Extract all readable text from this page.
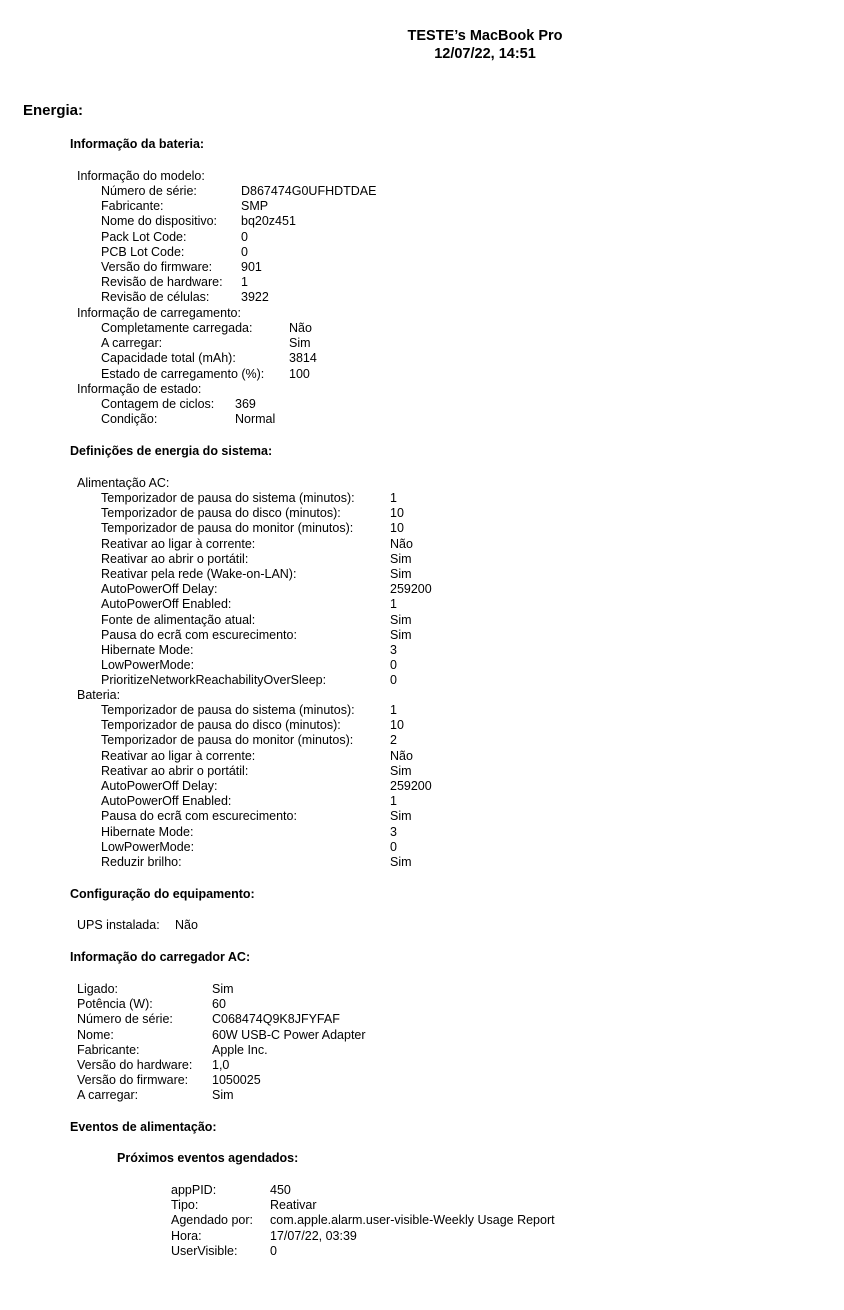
TESTE’s MacBook Pro
12/07/22, 14:51
Energia:
Informação da bateria:
Informação do modelo:
Número de série:	D867474G0UFHDTDAE
Fabricante:	SMP
Nome do dispositivo: bq20z451
Pack Lot Code:	0
PCB Lot Code:	0
Versão do firmware: 901
Revisão de hardware: 1
Revisão de células:	3922
Informação de carregamento:
Completamente carregada:	Não
A carregar:	Sim
Capacidade total (mAh):	3814
Estado de carregamento (%): 100
Informação de estado:
Contagem de ciclos: 369
Condição:	Normal
Definições de energia do sistema:
Alimentação AC:
Temporizador de pausa do sistema (minutos):	1
Temporizador de pausa do disco (minutos):	10
Temporizador de pausa do monitor (minutos):	10
Reativar ao ligar à corrente:	Não
Reativar ao abrir o portátil:	Sim
Reativar pela rede (Wake-on-LAN):	Sim
AutoPowerOff Delay:	259200
AutoPowerOff Enabled:	1
Fonte de alimentação atual:	Sim
Pausa do ecrã com escurecimento:	Sim
Hibernate Mode:	3
LowPowerMode:	0
PrioritizeNetworkReachabilityOverSleep:	0
Bateria:
Temporizador de pausa do sistema (minutos):	1
Temporizador de pausa do disco (minutos):	10
Temporizador de pausa do monitor (minutos):	2
Reativar ao ligar à corrente:	Não
Reativar ao abrir o portátil:	Sim
AutoPowerOff Delay:	259200
AutoPowerOff Enabled:	1
Pausa do ecrã com escurecimento:	Sim
Hibernate Mode:	3
LowPowerMode:	0
Reduzir brilho:	Sim
Configuração do equipamento:
UPS instalada: Não
Informação do carregador AC:
Ligado:	Sim
Potência (W):	60
Número de série:	C068474Q9K8JFYFAF
Nome:	60W USB-C Power Adapter
Fabricante:	Apple Inc.
Versão do hardware: 1,0
Versão do firmware: 1050025
A carregar:	Sim
Eventos de alimentação:
Próximos eventos agendados:
appPID:	450
Tipo:	Reativar
Agendado por: com.apple.alarm.user-visible-Weekly Usage Report
Hora:	17/07/22, 03:39
UserVisible:	0
